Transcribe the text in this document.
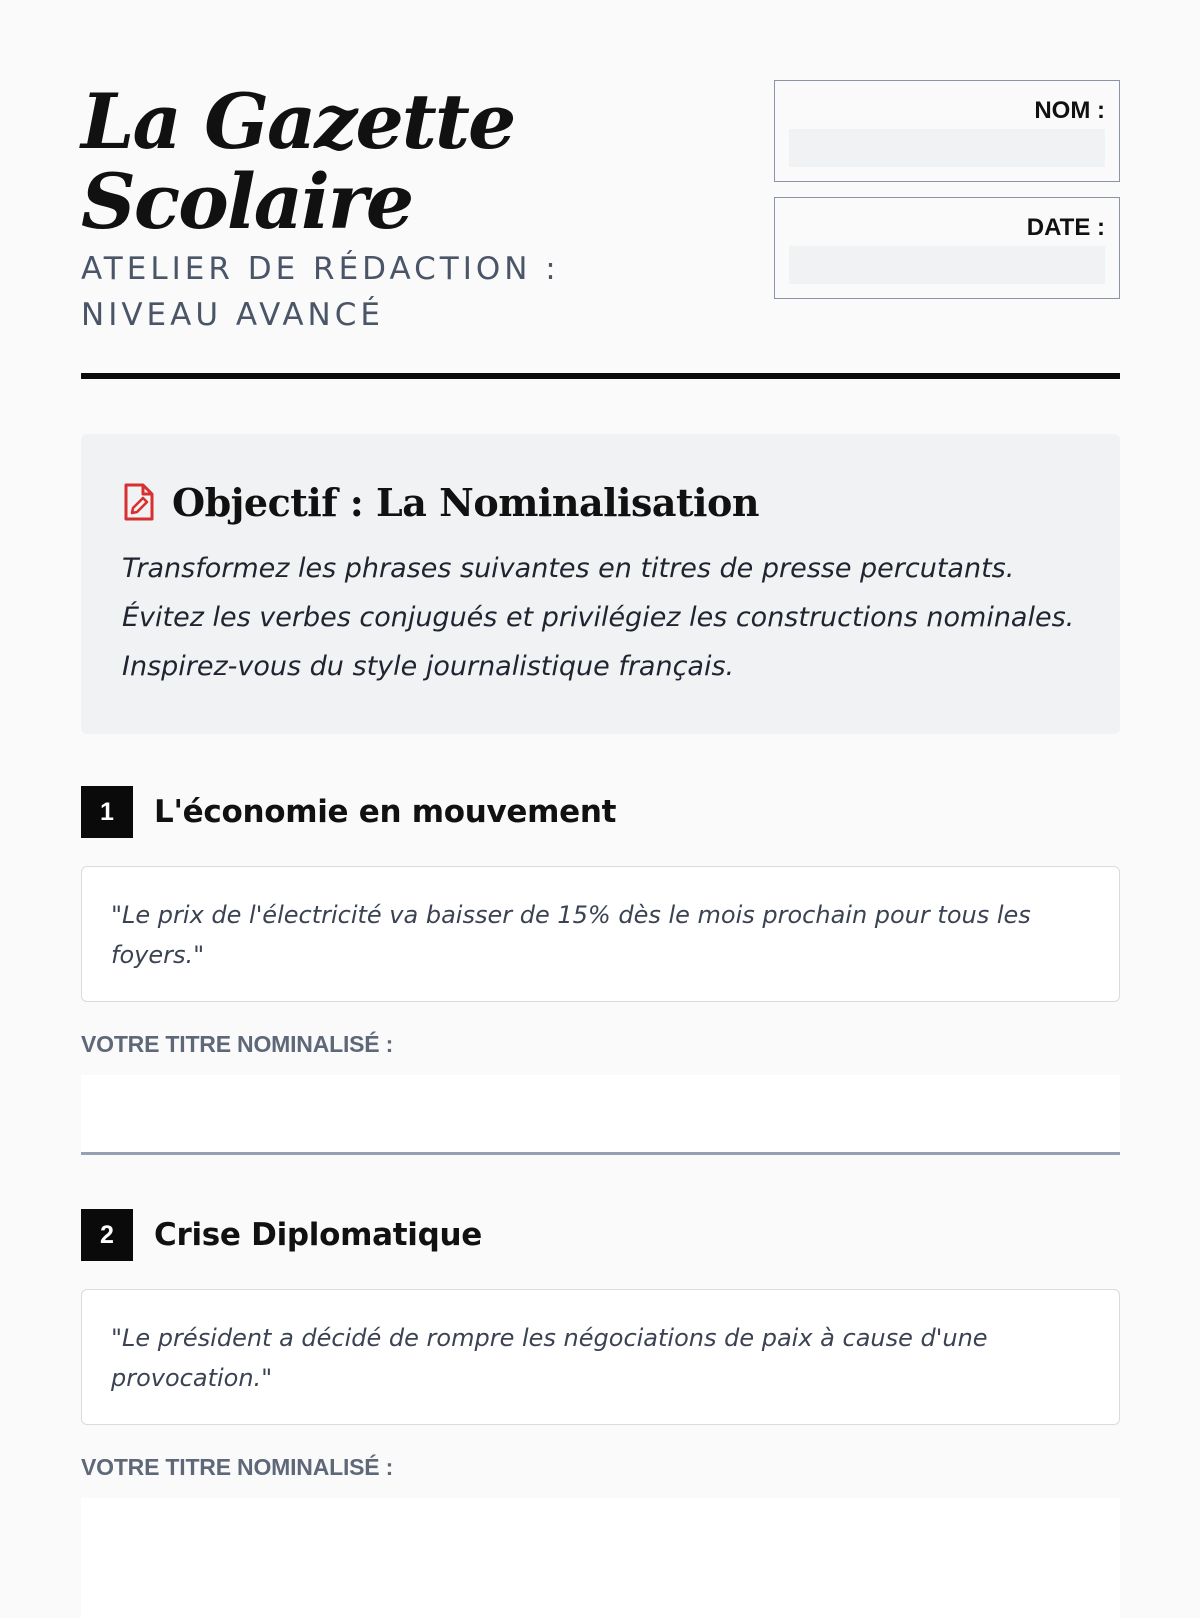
La Gazette
Scolaire
ATELIER DE RÉDACTION : NIVEAU AVANCÉ
NOM :
DATE :
Objectif : La Nominalisation
Transformez les phrases suivantes en titres de presse percutants. Évitez les verbes conjugués et privilégiez les constructions nominales. Inspirez-vous du style journalistique français.
1	L'économie en mouvement
"Le prix de l'électricité va baisser de 15% dès le mois prochain pour tous les foyers."
VOTRE TITRE NOMINALISÉ :
2	Crise Diplomatique
"Le président a décidé de rompre les négociations de paix à cause d'une provocation."
VOTRE TITRE NOMINALISÉ :
